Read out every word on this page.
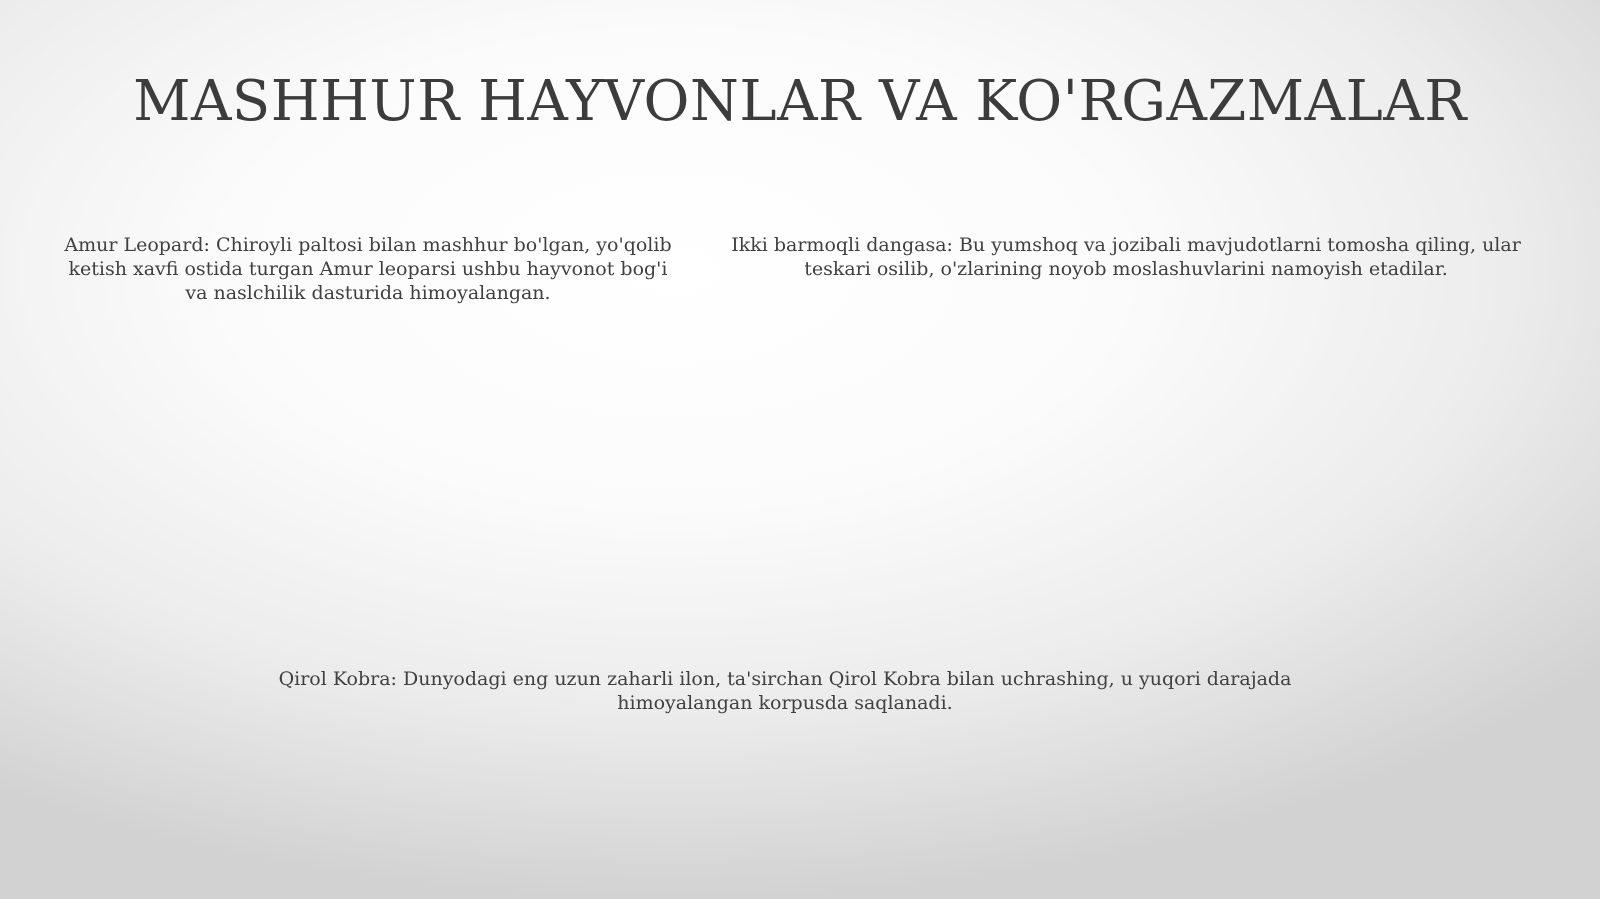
MASHHUR HAYVONLAR VA KO'RGAZMALAR

Amur Leopard: Chiroyli paltosi bilan mashhur bo'lgan, yo'qolib ketish xavfi ostida turgan Amur leoparsi ushbu hayvonot bog'i va naslchilik dasturida himoyalangan.

Ikki barmoqli dangasa: Bu yumshoq va jozibali mavjudotlarni tomosha qiling, ular teskari osilib, o'zlarining noyob moslashuvlarini namoyish etadilar.

Qirol Kobra: Dunyodagi eng uzun zaharli ilon, ta'sirchan Qirol Kobra bilan uchrashing, u yuqori darajada himoyalangan korpusda saqlanadi.
